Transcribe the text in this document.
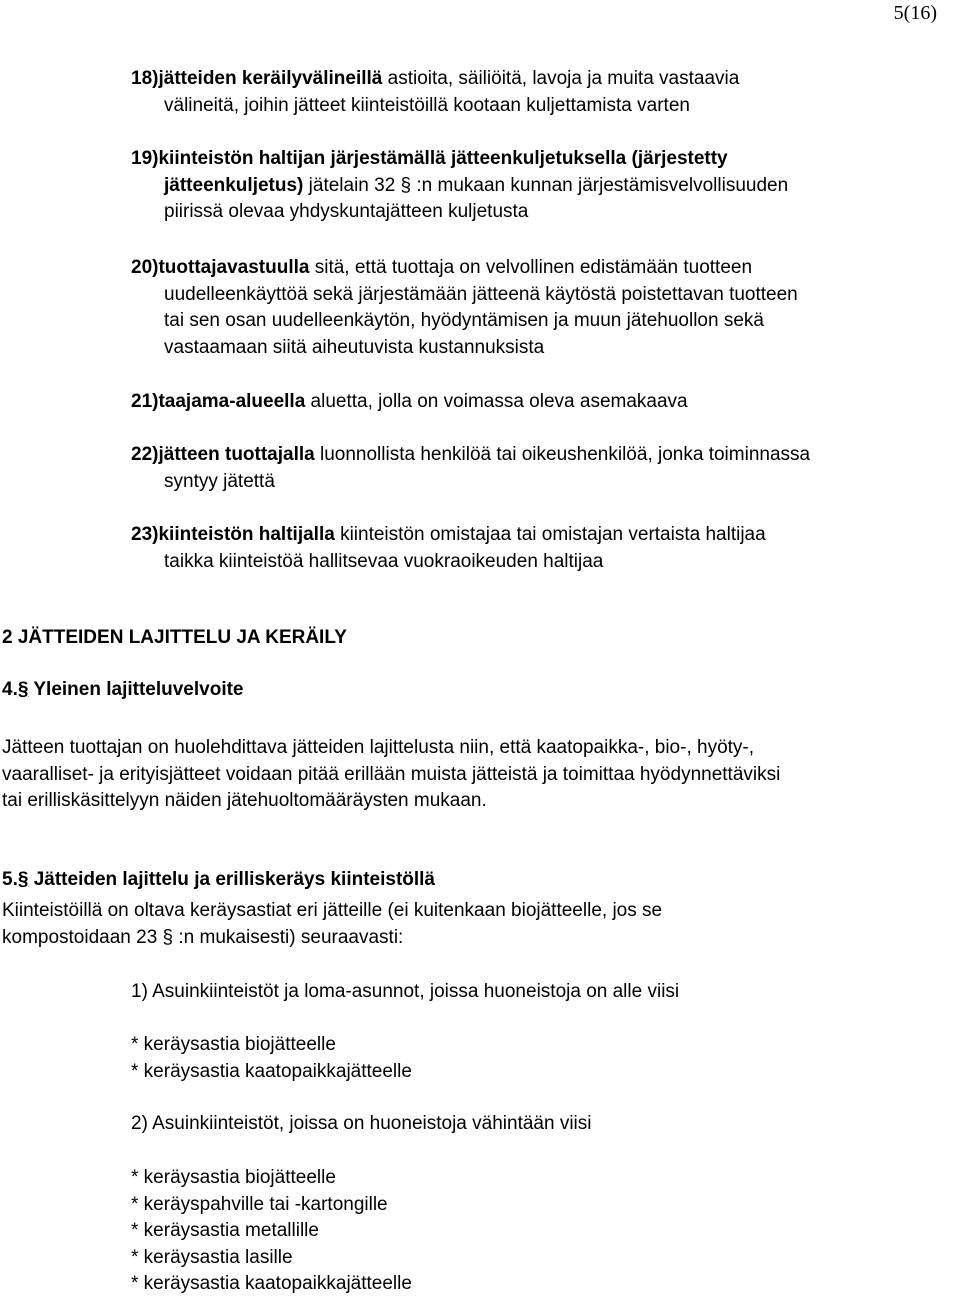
5(16)
18)jätteiden keräilyvälineillä astioita, säiliöitä, lavoja ja muita vastaavia
välineitä, joihin jätteet kiinteistöillä kootaan kuljettamista varten
19)kiinteistön haltijan järjestämällä jätteenkuljetuksella (järjestetty
jätteenkuljetus) jätelain 32 § :n mukaan kunnan järjestämisvelvollisuuden
piirissä olevaa yhdyskuntajätteen kuljetusta
20)tuottajavastuulla sitä, että tuottaja on velvollinen edistämään tuotteen
uudelleenkäyttöä sekä järjestämään jätteenä käytöstä poistettavan tuotteen
tai sen osan uudelleenkäytön, hyödyntämisen ja muun jätehuollon sekä
vastaamaan siitä aiheutuvista kustannuksista
21)taajama-alueella aluetta, jolla on voimassa oleva asemakaava
22)jätteen tuottajalla luonnollista henkilöä tai oikeushenkilöä, jonka toiminnassa
syntyy jätettä
23)kiinteistön haltijalla kiinteistön omistajaa tai omistajan vertaista haltijaa
taikka kiinteistöä hallitsevaa vuokraoikeuden haltijaa
2 JÄTTEIDEN LAJITTELU JA KERÄILY
4.§ Yleinen lajitteluvelvoite
Jätteen tuottajan on huolehdittava jätteiden lajittelusta niin, että kaatopaikka-, bio-, hyöty-,
vaaralliset- ja erityisjätteet voidaan pitää erillään muista jätteistä ja toimittaa hyödynnettäviksi
tai erilliskäsittelyyn näiden jätehuoltomääräysten mukaan.
5.§ Jätteiden lajittelu ja erilliskeräys kiinteistöllä
Kiinteistöillä on oltava keräysastiat eri jätteille (ei kuitenkaan biojätteelle, jos se
kompostoidaan 23 § :n mukaisesti) seuraavasti:
1) Asuinkiinteistöt ja loma-asunnot, joissa huoneistoja on alle viisi
* keräysastia biojätteelle
* keräysastia kaatopaikkajätteelle
2) Asuinkiinteistöt, joissa on huoneistoja vähintään viisi
* keräysastia biojätteelle
* keräyspahville tai -kartongille
* keräysastia metallille
* keräysastia lasille
* keräysastia kaatopaikkajätteelle
